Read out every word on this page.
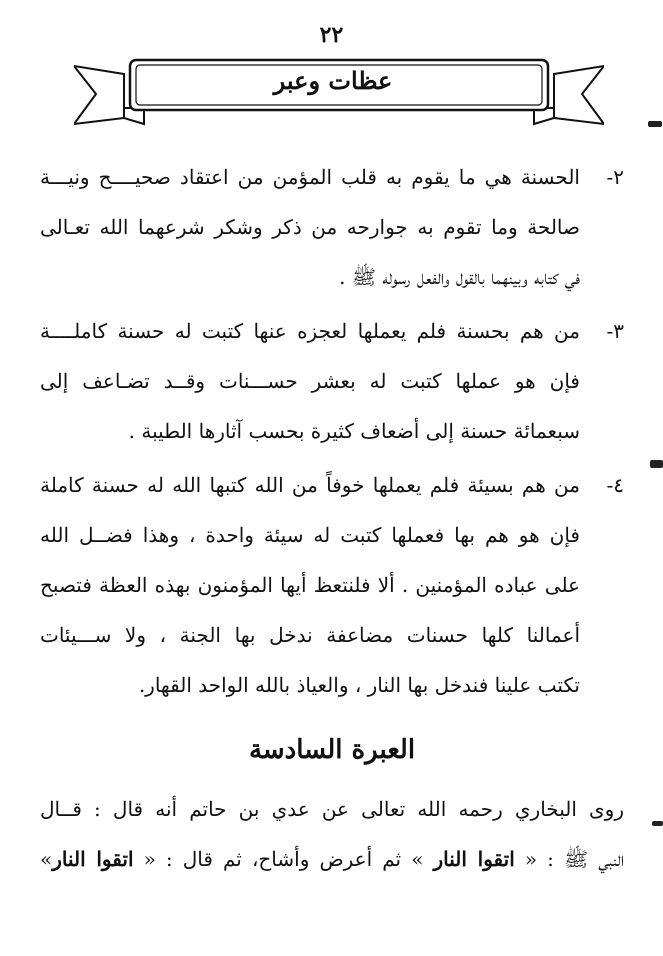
٢٢
عظات وعبر
٢-
الحسنة هي ما يقوم به قلب المؤمن من اعتقاد صحيــــح ونيـــة
صالحة وما تقوم به جوارحه من ذكر وشكر شرعهما الله تعـالى
في كتابه وبينهما بالقول والفعل رسوله ﷺ .
٣-
من هم بحسنة فلم يعملها لعجزه عنها كتبت له حسنة كاملــــة
فإن هو عملها كتبت له بعشر حســـنات وقــد تضـاعف إلى
سبعمائة حسنة إلى أضعاف كثيرة بحسب آثارها الطيبة .
٤-
من هم بسيئة فلم يعملها خوفاً من الله كتبها الله له حسنة كاملة
فإن هو هم بها فعملها كتبت له سيئة واحدة ، وهذا فضــل الله
على عباده المؤمنين . ألا فلنتعظ أيها المؤمنون بهذه العظة فتصبح
أعمالنا كلها حسنات مضاعفة ندخل بها الجنة ، ولا ســـيئات
تكتب علينا فندخل بها النار ، والعياذ بالله الواحد القهار.
العبرة السادسة
روى البخاري رحمه الله تعالى عن عدي بن حاتم أنه قال : قــال
النبي ﷺ : « اتقوا النار » ثم أعرض وأشاح، ثم قال : « اتقوا النار»
